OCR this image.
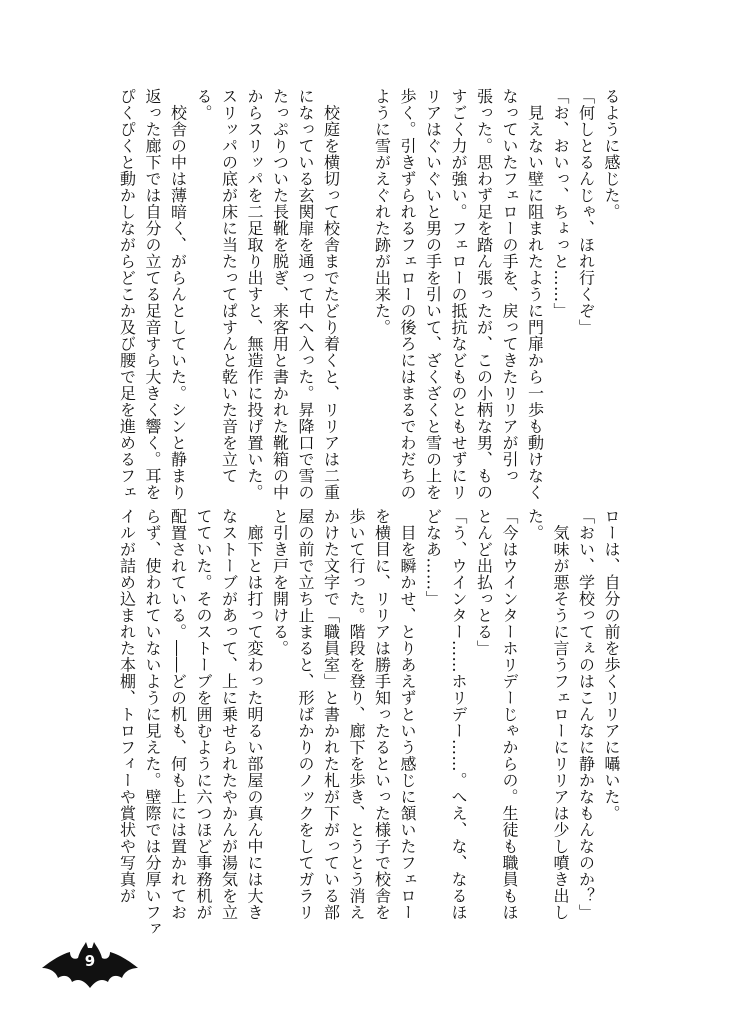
るように感じた。
「何しとるんじゃ、ほれ行くぞ」
「お、おいっ、ちょっと……」
　見えない壁に阻まれたように門扉から一歩も動けなく
なっていたフェローの手を、戻ってきたリリアが引っ
張った。思わず足を踏ん張ったが、この小柄な男、もの
すごく力が強い。フェローの抵抗などものともせずにリ
リアはぐいぐいと男の手を引いて、ざくざくと雪の上を
歩く。引きずられるフェローの後ろにはまるでわだちの
ように雪がえぐれた跡が出来た。

　校庭を横切って校舎までたどり着くと、リリアは二重
になっている玄関扉を通って中へ入った。昇降口で雪の
たっぷりついた長靴を脱ぎ、来客用と書かれた靴箱の中
からスリッパを二足取り出すと、無造作に投げ置いた。
スリッパの底が床に当たってぱすんと乾いた音を立て
る。
　校舎の中は薄暗く、がらんとしていた。シンと静まり
返った廊下では自分の立てる足音すら大きく響く。耳を
ぴくぴくと動かしながらどこか及び腰で足を進めるフェ
ローは、自分の前を歩くリリアに囁いた。
「おい、学校ってぇのはこんなに静かなもんなのか？」
　気味が悪そうに言うフェローにリリアは少し噴き出し
た。
「今はウインターホリデーじゃからの。生徒も職員もほ
とんど出払っとる」
「う、ウインター……ホリデー……。へえ、な、なるほ
どなあ……」
　目を瞬かせ、とりあえずという感じに頷いたフェロー
を横目に、リリアは勝手知ったるといった様子で校舎を
歩いて行った。階段を登り、廊下を歩き、とうとう消え
かけた文字で「職員室」と書かれた札が下がっている部
屋の前で立ち止まると、形ばかりのノックをしてガラリ
と引き戸を開ける。
　廊下とは打って変わった明るい部屋の真ん中には大き
なストーブがあって、上に乗せられたやかんが湯気を立
てていた。そのストーブを囲むように六つほど事務机が
配置されている。――どの机も、何も上には置かれてお
らず、使われていないように見えた。壁際では分厚いファ
イルが詰め込まれた本棚、トロフィーや賞状や写真が
9
